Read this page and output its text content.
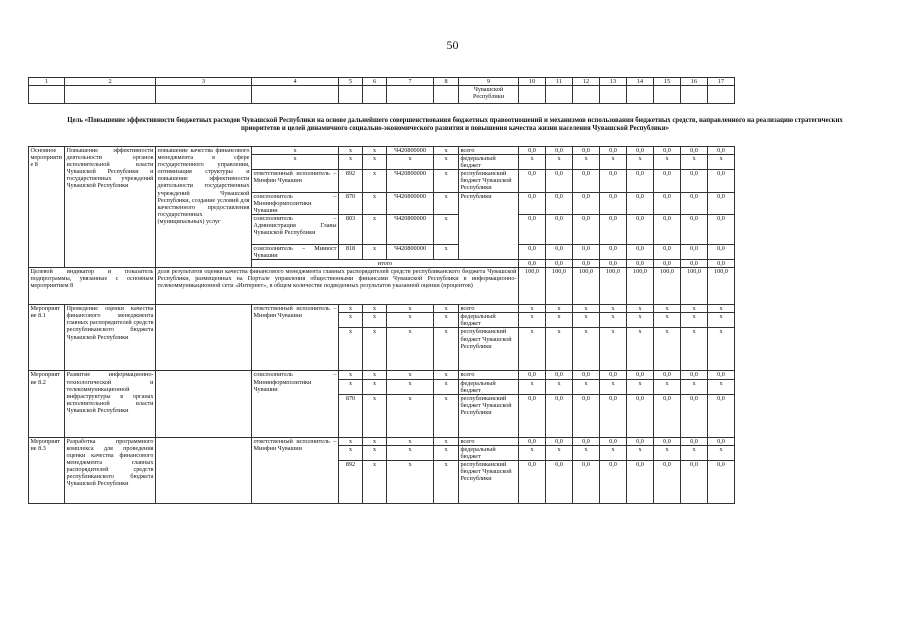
50
1	2	3	4	5	6	7	8	9	10	11	12	13	14	15	16	17
								Чувашской Республики								
Цель «Повышение эффективности бюджетных расходов Чувашской Республики на основе дальнейшего совершенствования бюджетных правоотношений и механизмов использования бюджетных средств, направленного на реализацию стратегических приоритетов и целей динамичного социально-экономического развития и повышения качества жизни населения Чувашской Республики»
Основное мероприятие 8	Повышение эффективности деятельности органов исполнительной власти Чувашской Республики и государственных учреждений Чувашской Республики	повышение качества финансового менеджмента в сфере государственного управления, оптимизация структуры и повышение эффективности деятельности государственных учреждений Чувашской Республики, создание условий для качественного предоставления государственных (муниципальных) услуг	x	x	x	Ч420800000	x	всего	0,0	0,0	0,0	0,0	0,0	0,0	0,0	0,0
			x	x	x	x	x	федеральный бюджет	x	x	x	x	x	x	x	x
			ответственный исполнитель – Минфин Чувашии	892	x	Ч420800000	x	республиканский бюджет Чувашской Республики	0,0	0,0	0,0	0,0	0,0	0,0	0,0	0,0
			соисполнитель – Мининформполитики Чувашии	870	x	Ч420800000	x	Республики	0,0	0,0	0,0	0,0	0,0	0,0	0,0	0,0
			соисполнитель – Администрация Главы Чувашской Республики	803	x	Ч420800000	x		0,0	0,0	0,0	0,0	0,0	0,0	0,0	0,0
			соисполнитель – Минюст Чувашии	818	x	Ч420800000	x		0,0	0,0	0,0	0,0	0,0	0,0	0,0	0,0
			итого						0,0	0,0	0,0	0,0	0,0	0,0	0,0	0,0
Целевой индикатор и показатель подпрограммы, увязанные с основным мероприятием 8		доля результатов оценки качества финансового менеджмента главных распорядителей средств республиканского бюджета Чувашской Республики, размещенных на Портале управления общественными финансами Чувашской Республики в информационно-телекоммуникационной сети «Интернет», в общем количестве подведенных результатов указанной оценки (процентов)							100,0	100,0	100,0	100,0	100,0	100,0	100,0	100,0
Мероприятие 8.1	Проведение оценки качества финансового менеджмента главных распорядителей средств республиканского бюджета Чувашской Республики		ответственный исполнитель – Минфин Чувашии	x	x	x	x	всего	x	x	x	x	x	x	x	x
				x	x	x	x	федеральный бюджет	x	x	x	x	x	x	x	x
				x	x	x	x	республиканский бюджет Чувашской Республики	x	x	x	x	x	x	x	x
Мероприятие 8.2	Развитие информационно-технологической и телекоммуникационной инфраструктуры в органах исполнительной власти Чувашской Республики		соисполнитель – Мининформполитики Чувашии	x	x	x	x	всего	0,0	0,0	0,0	0,0	0,0	0,0	0,0	0,0
				x	x	x	x	федеральный бюджет	x	x	x	x	x	x	x	x
				870	x	x	x	республиканский бюджет Чувашской Республики	0,0	0,0	0,0	0,0	0,0	0,0	0,0	0,0
Мероприятие 8.3	Разработка программного комплекса для проведения оценки качества финансового менеджмента главных распорядителей средств республиканского бюджета Чувашской Республики		ответственный исполнитель – Минфин Чувашии	x	x	x	x	всего	0,0	0,0	0,0	0,0	0,0	0,0	0,0	0,0
				x	x	x	x	федеральный бюджет	x	x	x	x	x	x	x	x
				892	x	x	x	республиканский бюджет Чувашской Республики	0,0	0,0	0,0	0,0	0,0	0,0	0,0	0,0
